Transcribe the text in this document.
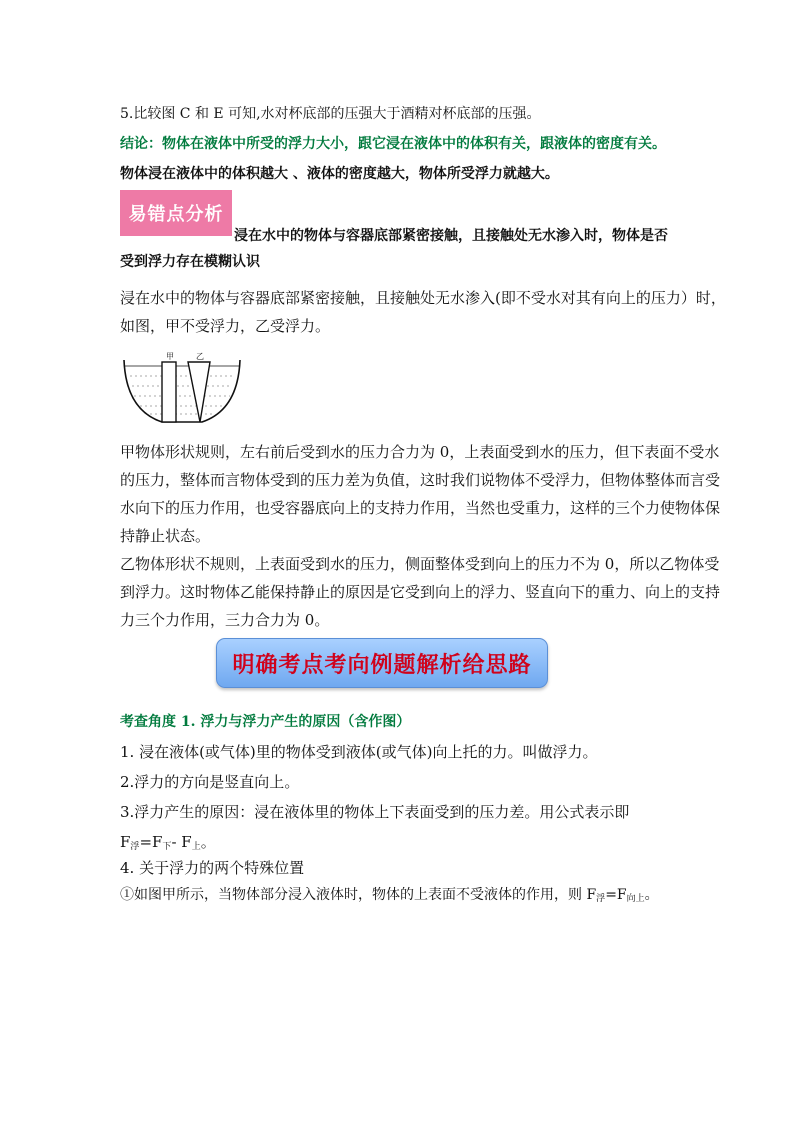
5.比较图 C 和 E 可知,水对杯底部的压强大于酒精对杯底部的压强。
结论：物体在液体中所受的浮力大小，跟它浸在液体中的体积有关，跟液体的密度有关。
物体浸在液体中的体积越大 、液体的密度越大，物体所受浮力就越大。
易错点分析
浸在水中的物体与容器底部紧密接触，且接触处无水渗入时，物体是否
受到浮力存在模糊认识
浸在水中的物体与容器底部紧密接触，且接触处无水渗入(即不受水对其有向上的压力）时，
如图，甲不受浮力，乙受浮力。
甲	乙
甲物体形状规则，左右前后受到水的压力合力为 0，上表面受到水的压力，但下表面不受水
的压力，整体而言物体受到的压力差为负值，这时我们说物体不受浮力，但物体整体而言受
水向下的压力作用，也受容器底向上的支持力作用，当然也受重力，这样的三个力使物体保
持静止状态。
乙物体形状不规则，上表面受到水的压力，侧面整体受到向上的压力不为 0，所以乙物体受
到浮力。这时物体乙能保持静止的原因是它受到向上的浮力、竖直向下的重力、向上的支持
力三个力作用，三力合力为 0。
明确考点考向例题解析给思路
考查角度 1. 浮力与浮力产生的原因（含作图）
1. 浸在液体(或气体)里的物体受到液体(或气体)向上托的力。叫做浮力。
2.浮力的方向是竖直向上。
3.浮力产生的原因：浸在液体里的物体上下表面受到的压力差。用公式表示即
$F_浮=F_下-$ $F_上$。
4. 关于浮力的两个特殊位置
①如图甲所示，当物体部分浸入液体时，物体的上表面不受液体的作用，则 $F_浮=F_{向上}$。
